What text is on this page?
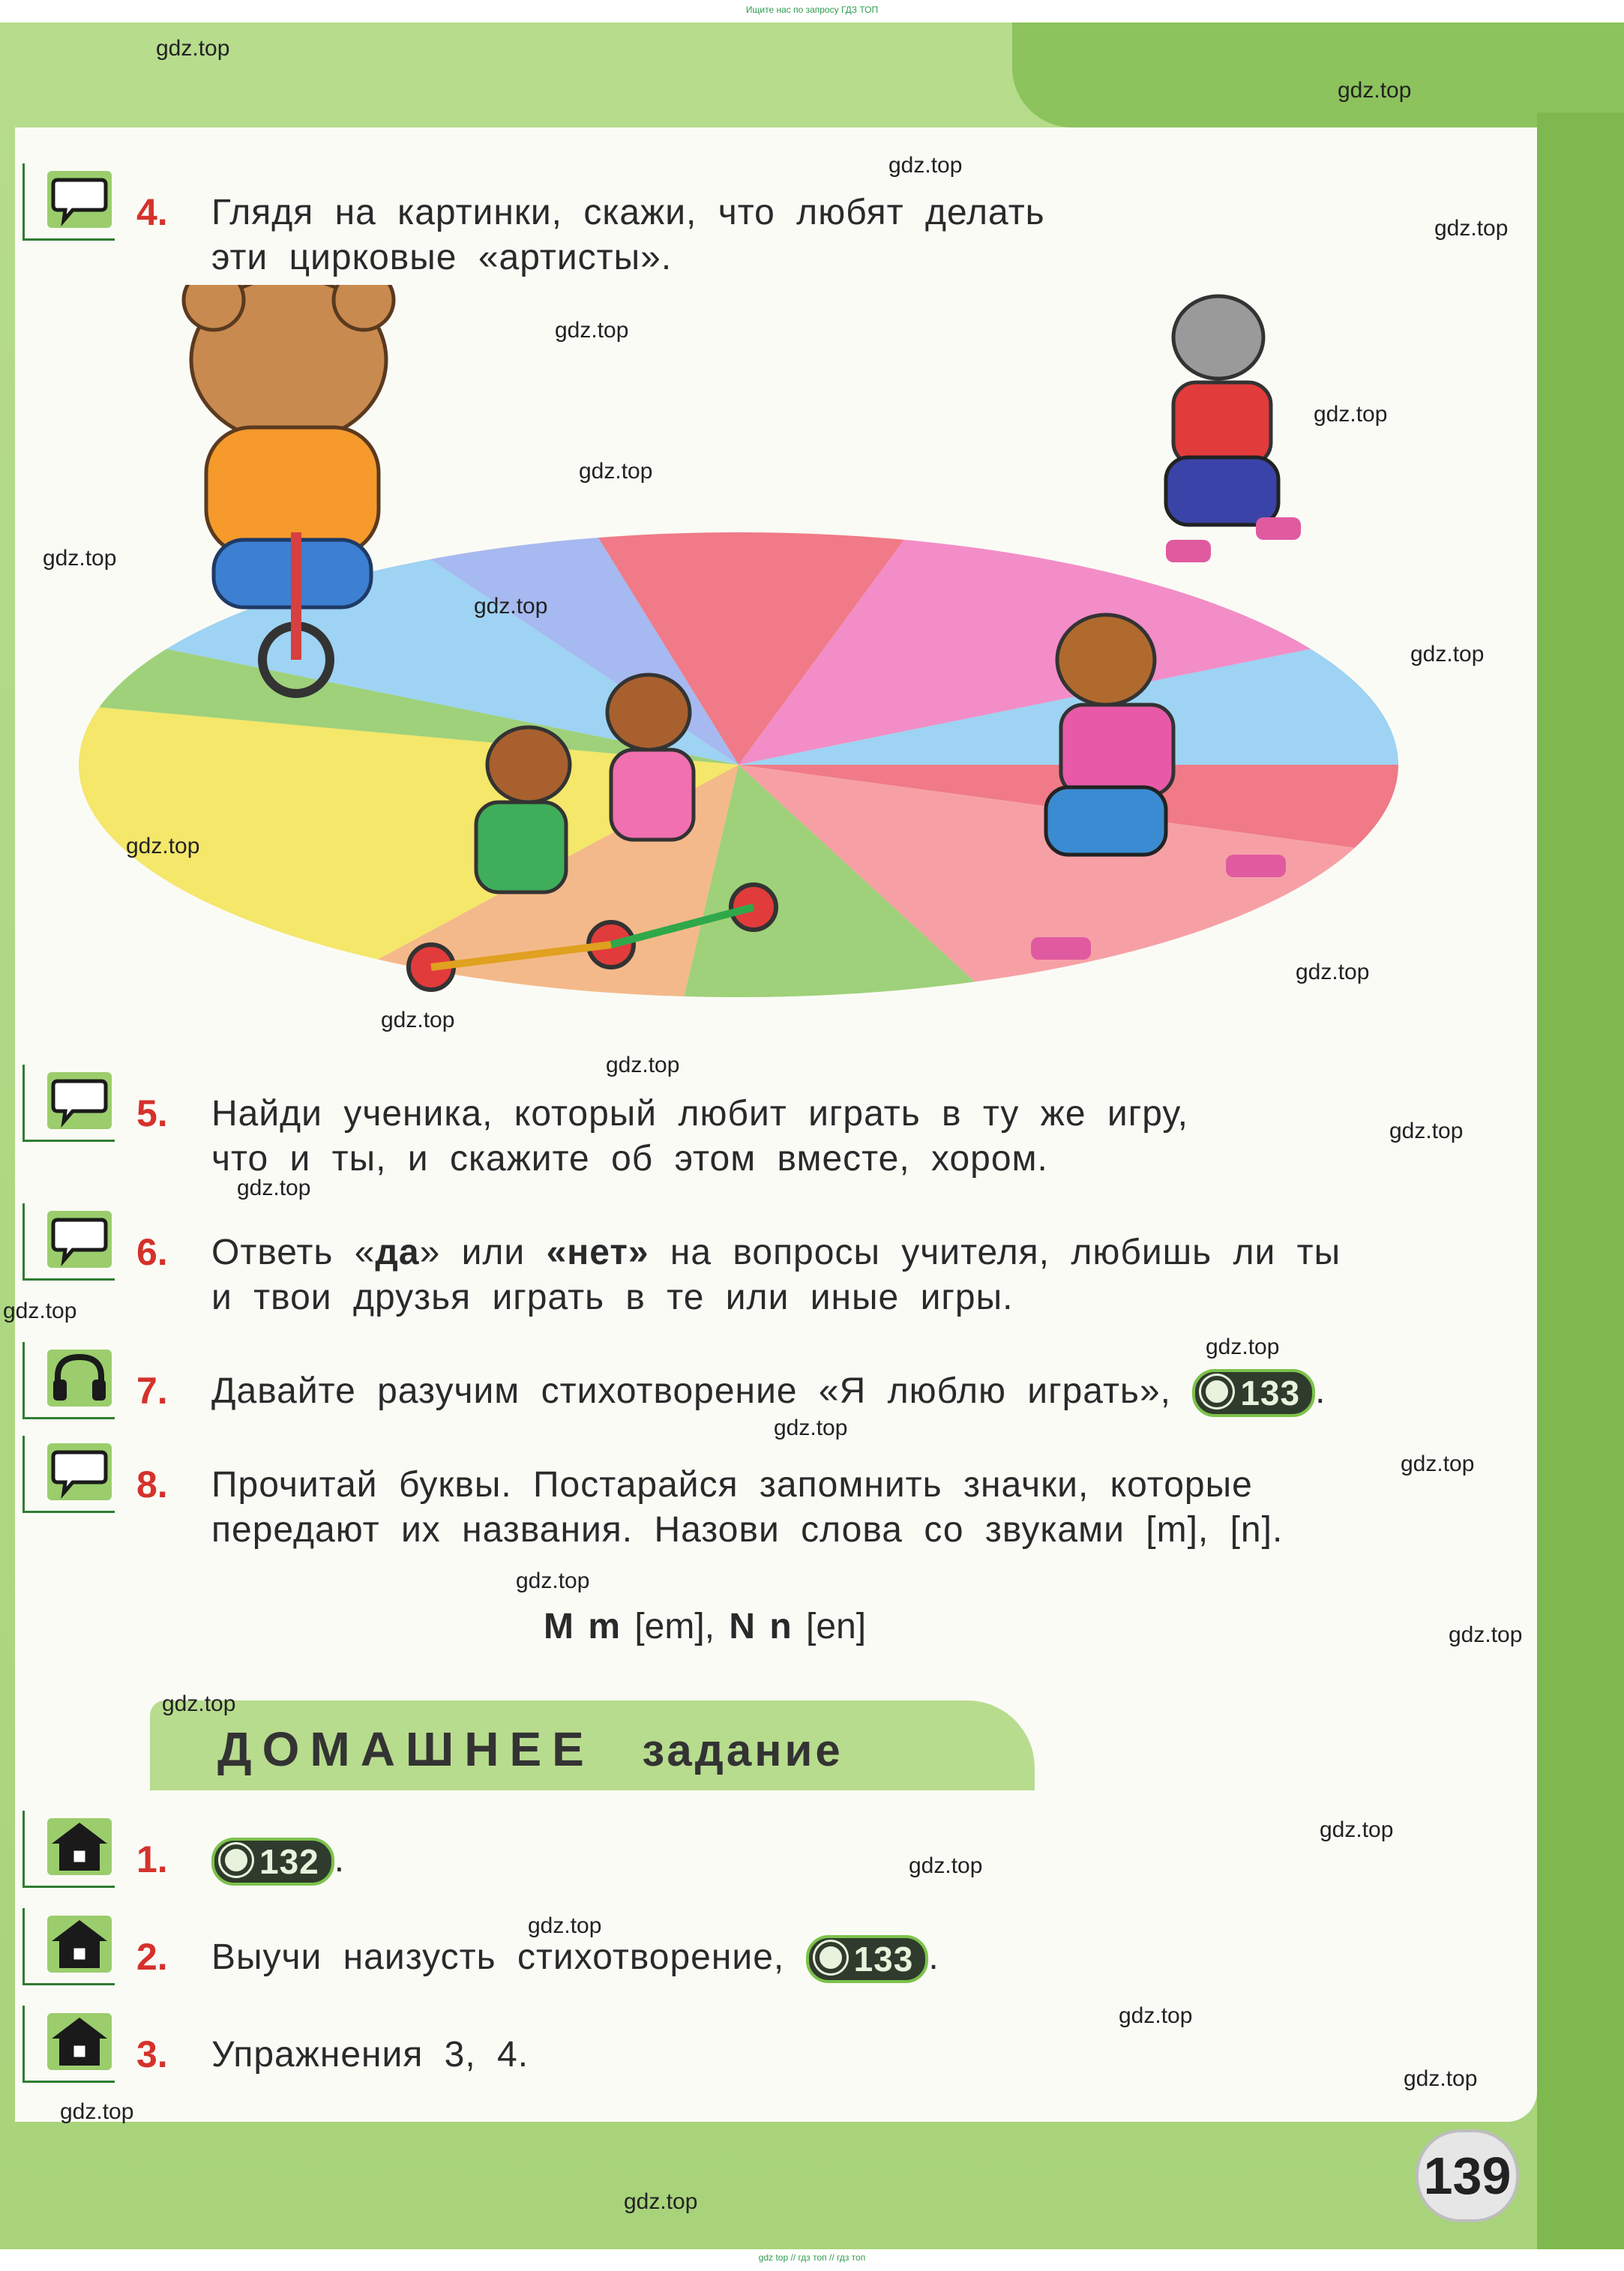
Ищите нас по запросу ГДЗ ТОП
4. Глядя на картинки, скажи, что любят делать
эти цирковые «артисты».
5. Найди ученика, который любит играть в ту же игру,
что и ты, и скажите об этом вместе, хором.
6. Ответь «да» или «нет» на вопросы учителя, любишь ли ты
и твои друзья играть в те или иные игры.
7. Давайте разучим стихотворение «Я люблю играть», 133 .
8. Прочитай буквы. Постарайся запомнить значки, которые
передают их названия. Назови слова со звуками [m], [n].
M m [em], N n [en]
ДОМАШНЕЕ задание
1.	132 .
2. Выучи наизусть стихотворение, 133 .
3. Упражнения 3, 4.
139
gdz.top
gdz.top
gdz.top
gdz.top
gdz.top
gdz.top
gdz.top
gdz.top
gdz.top
gdz.top
gdz.top
gdz.top
gdz.top
gdz.top
gdz.top
gdz.top
gdz.top
gdz.top
gdz.top
gdz.top
gdz.top
gdz.top
gdz.top
gdz.top
gdz.top
gdz.top
gdz.top
gdz.top
gdz.top
gdz.top
gdz top // гдз топ // гдз топ
